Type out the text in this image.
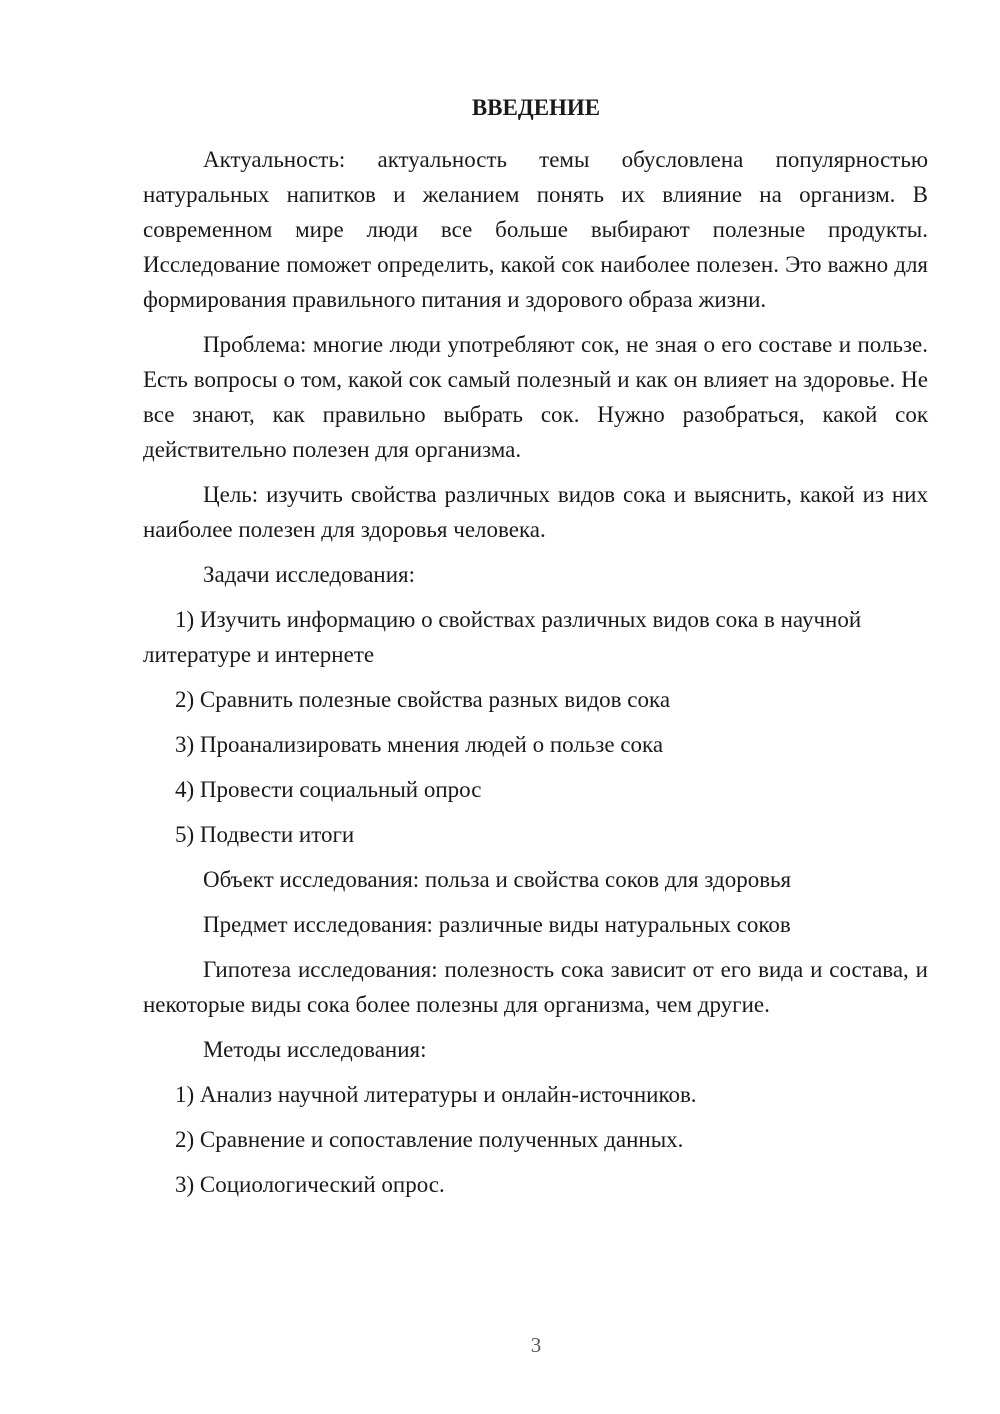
ВВЕДЕНИЕ

Актуальность: актуальность темы обусловлена популярностью натуральных напитков и желанием понять их влияние на организм. В современном мире люди все больше выбирают полезные продукты. Исследование поможет определить, какой сок наиболее полезен. Это важно для формирования правильного питания и здорового образа жизни.

Проблема: многие люди употребляют сок, не зная о его составе и пользе. Есть вопросы о том, какой сок самый полезный и как он влияет на здоровье. Не все знают, как правильно выбрать сок. Нужно разобраться, какой сок действительно полезен для организма.

Цель: изучить свойства различных видов сока и выяснить, какой из них наиболее полезен для здоровья человека.

Задачи исследования:

1) Изучить информацию о свойствах различных видов сока в научной литературе и интернете

2) Сравнить полезные свойства разных видов сока

3) Проанализировать мнения людей о пользе сока

4) Провести социальный опрос

5) Подвести итоги

Объект исследования: польза и свойства соков для здоровья

Предмет исследования: различные виды натуральных соков

Гипотеза исследования: полезность сока зависит от его вида и состава, и некоторые виды сока более полезны для организма, чем другие.

Методы исследования:

1) Анализ научной литературы и онлайн-источников.

2) Сравнение и сопоставление полученных данных.

3) Социологический опрос.

3
